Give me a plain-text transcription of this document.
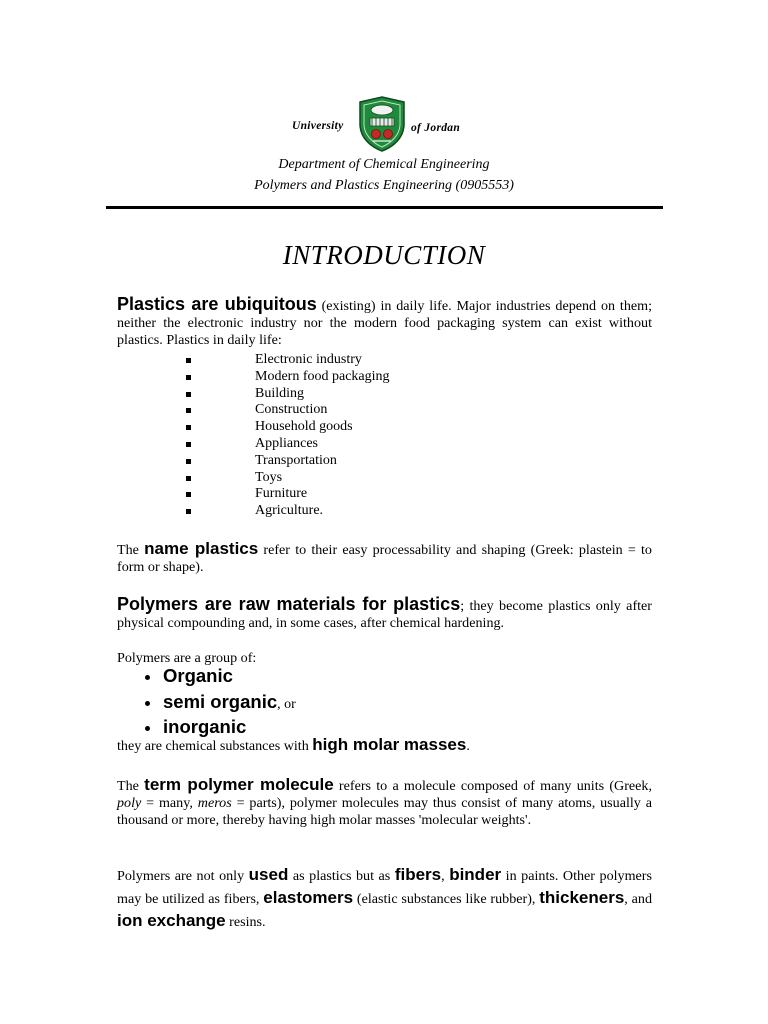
University	of Jordan
Department of Chemical Engineering
Polymers and Plastics Engineering (0905553)
INTRODUCTION

Plastics are ubiquitous (existing) in daily life. Major industries depend on them; neither the electronic industry nor the modern food packaging system can exist without plastics. Plastics in daily life:

Electronic industry
Modern food packaging
Building
Construction
Household goods
Appliances
Transportation
Toys
Furniture
Agriculture.

The name plastics refer to their easy processability and shaping (Greek: plastein = to form or shape).

Polymers are raw materials for plastics; they become plastics only after physical compounding and, in some cases, after chemical hardening.

Polymers are a group of:

Organic
semi organic, or
inorganic

they are chemical substances with high molar masses.

The term polymer molecule refers to a molecule composed of many units (Greek, poly = many, meros = parts), polymer molecules may thus consist of many atoms, usually a thousand or more, thereby having high molar masses 'molecular weights'.

Polymers are not only used as plastics but as fibers, binder in paints. Other polymers may be utilized as fibers, elastomers (elastic substances like rubber), thickeners, and ion exchange resins.
